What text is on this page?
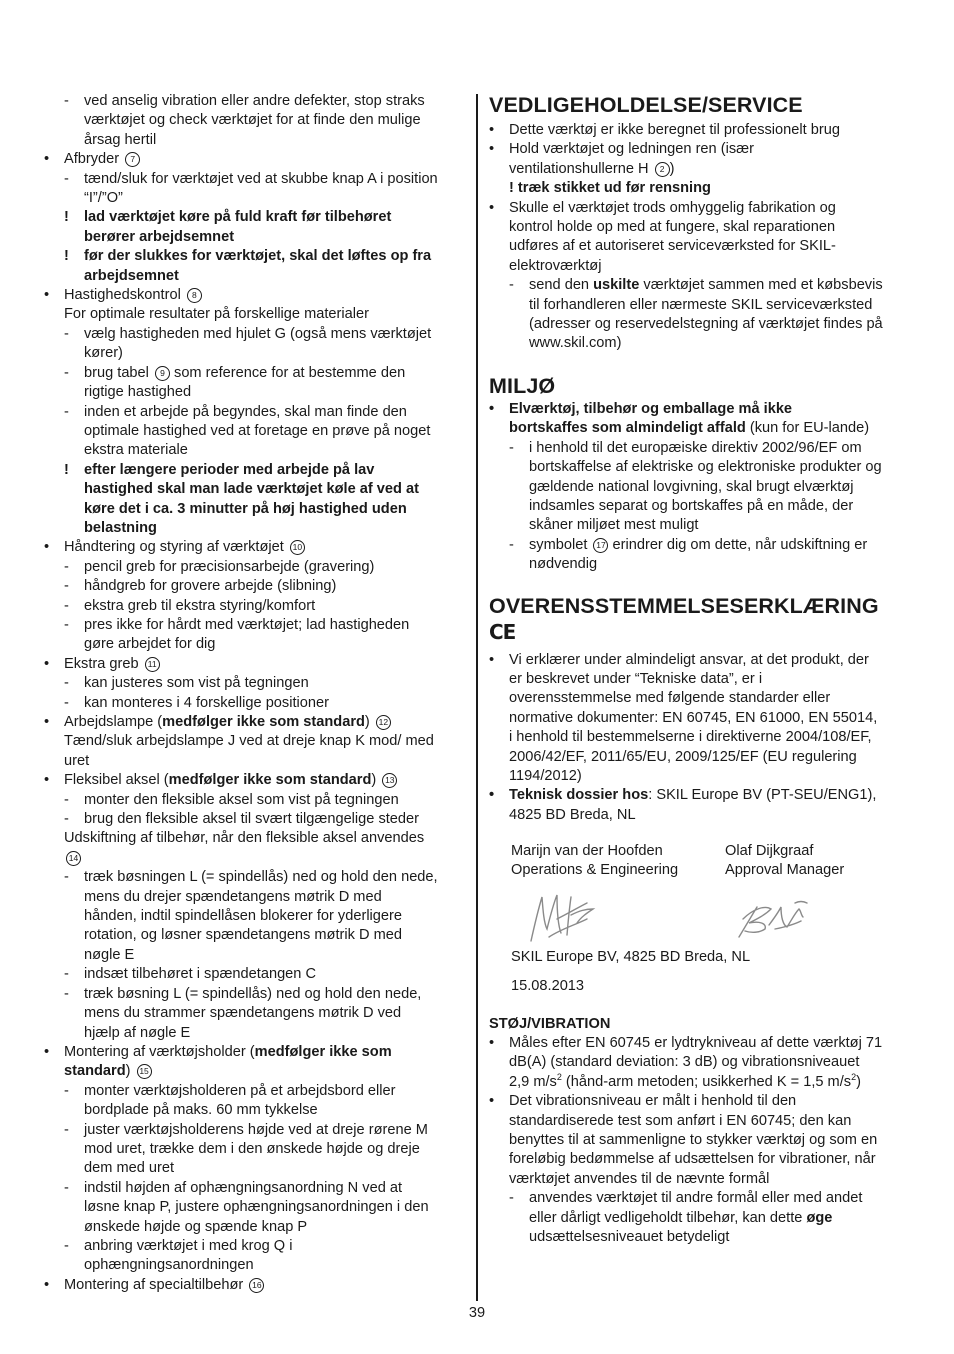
- ved anselig vibration eller andre defekter, stop straks
værktøjet og check værktøjet for at finde den mulige
årsag hertil
• Afbryder 7
- tænd/sluk for værktøjet ved at skubbe knap A i position
“I”/”O”
! lad værktøjet køre på fuld kraft før tilbehøret
berører arbejdsemnet
! før der slukkes for værktøjet, skal det løftes op fra
arbejdsemnet
• Hastighedskontrol 8
For optimale resultater på forskellige materialer
- vælg hastigheden med hjulet G (også mens værktøjet
kører)
- brug tabel 9 som reference for at bestemme den
rigtige hastighed
- inden et arbejde på begyndes, skal man finde den
optimale hastighed ved at foretage en prøve på noget
ekstra materiale
! efter længere perioder med arbejde på lav
hastighed skal man lade værktøjet køle af ved at
køre det i ca. 3 minutter på høj hastighed uden
belastning
• Håndtering og styring af værktøjet 10
- pencil greb for præcisionsarbejde (gravering)
- håndgreb for grovere arbejde (slibning)
- ekstra greb til ekstra styring/komfort
- pres ikke for hårdt med værktøjet; lad hastigheden
gøre arbejdet for dig
• Ekstra greb 11
- kan justeres som vist på tegningen
- kan monteres i 4 forskellige positioner
• Arbejdslampe (medfølger ikke som standard) 12
Tænd/sluk arbejdslampe J ved at dreje knap K mod/ med
uret
• Fleksibel aksel (medfølger ikke som standard) 13
- monter den fleksible aksel som vist på tegningen
- brug den fleksible aksel til svært tilgængelige steder
Udskiftning af tilbehør, når den fleksible aksel anvendes
14
- træk bøsningen L (= spindellås) ned og hold den nede,
mens du drejer spændetangens møtrik D med
hånden, indtil spindellåsen blokerer for yderligere
rotation, og løsner spændetangens møtrik D med
nøgle E
- indsæt tilbehøret i spændetangen C
- træk bøsning L (= spindellås) ned og hold den nede,
mens du strammer spændetangens møtrik D ved
hjælp af nøgle E
• Montering af værktøjsholder (medfølger ikke som
standard) 15
- monter værktøjsholderen på et arbejdsbord eller
bordplade på maks. 60 mm tykkelse
- juster værktøjsholderens højde ved at dreje rørene M
mod uret, trække dem i den ønskede højde og dreje
dem med uret
- indstil højden af ophængningsanordning N ved at
løsne knap P, justere ophængningsanordningen i den
ønskede højde og spænde knap P
- anbring værktøjet i med krog Q i
ophængningsanordningen
• Montering af specialtilbehør 16
VEDLIGEHOLDELSE/SERVICE
• Dette værktøj er ikke beregnet til professionelt brug
• Hold værktøjet og ledningen ren (især
ventilationshullerne H 2 )
! træk stikket ud før rensning
• Skulle el værktøjet trods omhyggelig fabrikation og
kontrol holde op med at fungere, skal reparationen
udføres af et autoriseret serviceværksted for SKIL-
elektroværktøj
- send den uskilte værktøjet sammen med et købsbevis
til forhandleren eller nærmeste SKIL serviceværksted
(adresser og reservedelstegning af værktøjet findes på
www.skil.com)
MILJØ
• Elværktøj, tilbehør og emballage må ikke
bortskaffes som almindeligt affald (kun for EU-lande)
- i henhold til det europæiske direktiv 2002/96/EF om
bortskaffelse af elektriske og elektroniske produkter og
gældende national lovgivning, skal brugt elværktøj
indsamles separat og bortskaffes på en måde, der
skåner miljøet mest muligt
- symbolet 17 erindrer dig om dette, når udskiftning er
nødvendig
OVERENSSTEMMELSESERKLÆRING
CE
• Vi erklærer under almindeligt ansvar, at det produkt, der
er beskrevet under “Tekniske data”, er i
overensstemmelse med følgende standarder eller
normative dokumenter: EN 60745, EN 61000, EN 55014,
i henhold til bestemmelserne i direktiverne 2004/108/EF,
2006/42/EF, 2011/65/EU, 2009/125/EF (EU regulering
1194/2012)
• Teknisk dossier hos: SKIL Europe BV (PT-SEU/ENG1),
4825 BD Breda, NL
Marijn van der Hoofden
Operations & Engineering
Olaf Dijkgraaf
Approval Manager
SKIL Europe BV, 4825 BD Breda, NL
15.08.2013
STØJ/VIBRATION
• Måles efter EN 60745 er lydtrykniveau af dette værktøj 71
dB(A) (standard deviation: 3 dB) og vibrationsniveauet
2,9 $m/s^2$ (hånd-arm metoden; usikkerhed K = 1,5 $m/s^2$)
• Det vibrationsniveau er målt i henhold til den
standardiserede test som anført i EN 60745; den kan
benyttes til at sammenligne to stykker værktøj og som en
foreløbig bedømmelse af udsættelsen for vibrationer, når
værktøjet anvendes til de nævnte formål
- anvendes værktøjet til andre formål eller med andet
eller dårligt vedligeholdt tilbehør, kan dette øge
udsættelsesniveauet betydeligt
39
